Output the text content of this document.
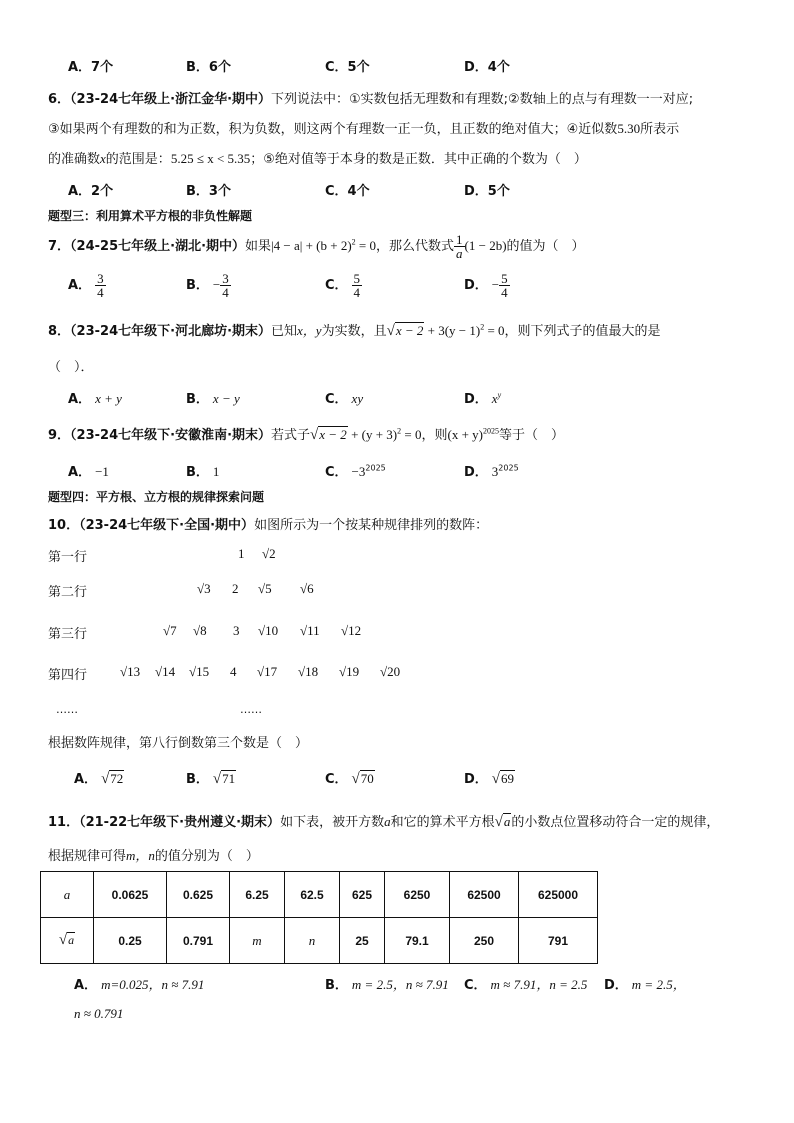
A．7个	B．6个	C．5个	D．4个
6．（23-24七年级上·浙江金华·期中）下列说法中：①实数包括无理数和有理数;②数轴上的点与有理数一一对应;
③如果两个有理数的和为正数，积为负数，则这两个有理数一正一负，且正数的绝对值大；④近似数5.30所表示
的准确数x的范围是：5.25 ≤ x < 5.35；⑤绝对值等于本身的数是正数．其中正确的个数为（　）
A．2个	B．3个	C．4个	D．5个
题型三：利用算术平方根的非负性解题
7．（24-25七年级上·湖北·期中）如果$|4 - a| + (b + 2)^2 = 0$，那么代数式 $\frac{1}{a} (1 - 2b)$的值为（　）
A． $\frac{3}{4}$	B． − $\frac{3}{4}$	C． $\frac{5}{4}$	D． − $\frac{5}{4}$
8．（23-24七年级下·河北廊坊·期末）已知x，y为实数，且$√x - 2 + 3(y - 1)^2 = 0$，则下列式子的值最大的是
（　）．
A． x + y	B． x − y	C． xy	D． $x^y$
9．（23-24七年级下·安徽淮南·期末）若式子$√x - 2 + (y + 3)^2 = 0$，则$(x + y)^{2025}$等于（　）
A． −1	B． 1	C． $-3^{2025}$	D． $3^{2025}$
题型四：平方根、立方根的规律探索问题
10．（23-24七年级下·全国·期中）如图所示为一个按某种规律排列的数阵：
第一行	1 √2
第二行	√3 2 √5 √6
第三行	√7 √8 3 √10 √11 √12
第四行	√13 √14 √15 4 √17 √18 √19 √20
……	……
根据数阵规律，第八行倒数第三个数是（　）
A． √72	B． √71	C． √70	D． √69
11．（21-22七年级下·贵州遵义·期末）如下表，被开方数a和它的算术平方根√a的小数点位置移动符合一定的规律，
根据规律可得m，n的值分别为（　）
a	0.0625	0.625	6.25	62.5	625	6250	62500	625000
√a	0.25	0.791	m	n	25	79.1	250	791
A． m=0.025，n ≈ 7.91	B． m = 2.5，n ≈ 7.91 C． m ≈ 7.91，n = 2.5 D． m = 2.5，
n ≈ 0.791
